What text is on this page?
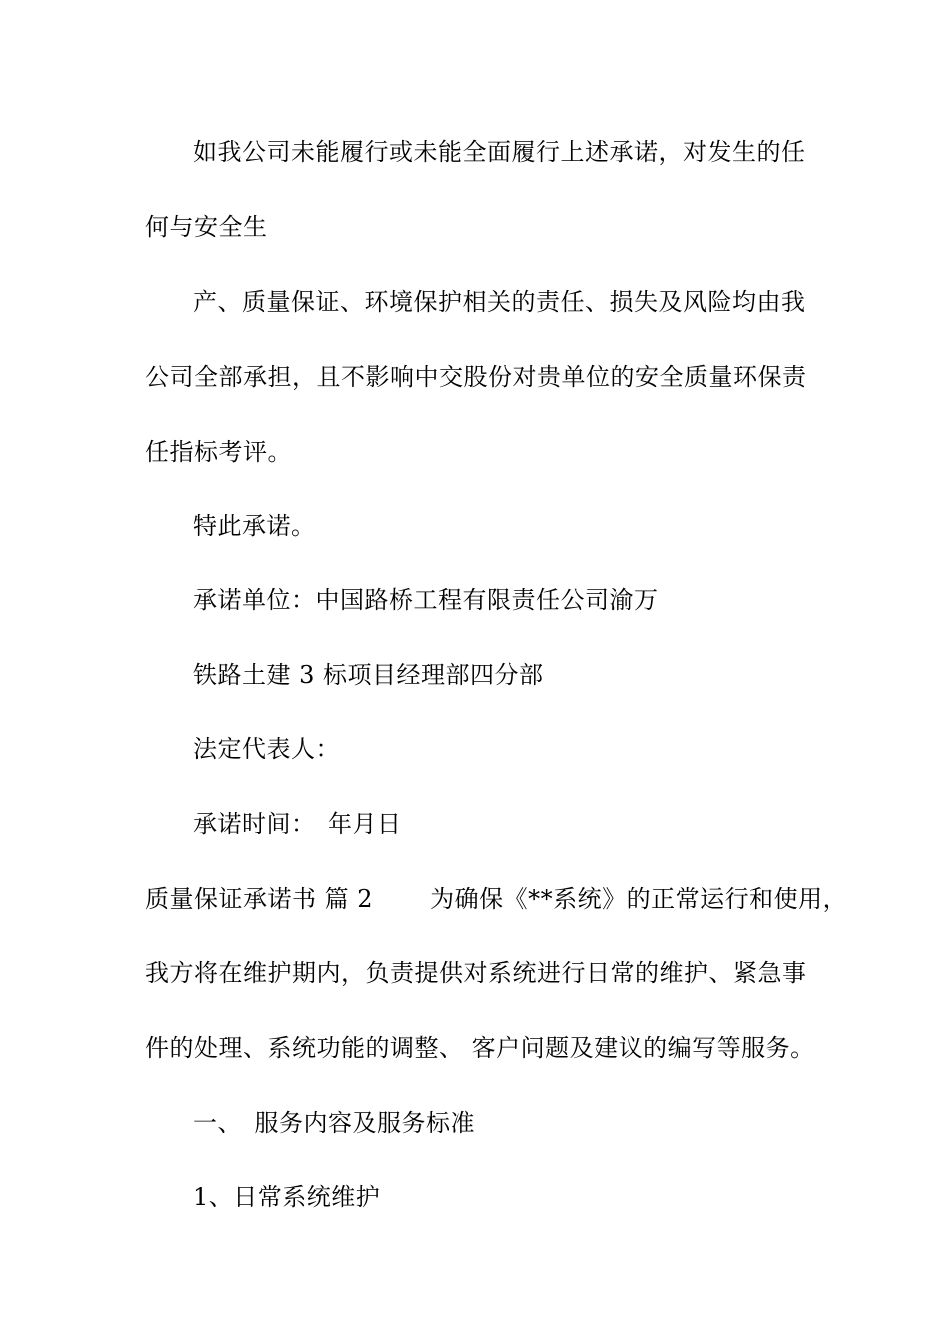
如我公司未能履行或未能全面履行上述承诺，对发生的任
何与安全生
产、质量保证、环境保护相关的责任、损失及风险均由我
公司全部承担，且不影响中交股份对贵单位的安全质量环保责
任指标考评。
特此承诺。
承诺单位：中国路桥工程有限责任公司渝万
铁路土建 3 标项目经理部四分部
法定代表人：
承诺时间：　年月日
质量保证承诺书 篇 2　　 为确保《**系统》的正常运行和使用，
我方将在维护期内，负责提供对系统进行日常的维护、紧急事
件的处理、系统功能的调整、 客户问题及建议的编写等服务。
一、　服务内容及服务标准
1、日常系统维护
